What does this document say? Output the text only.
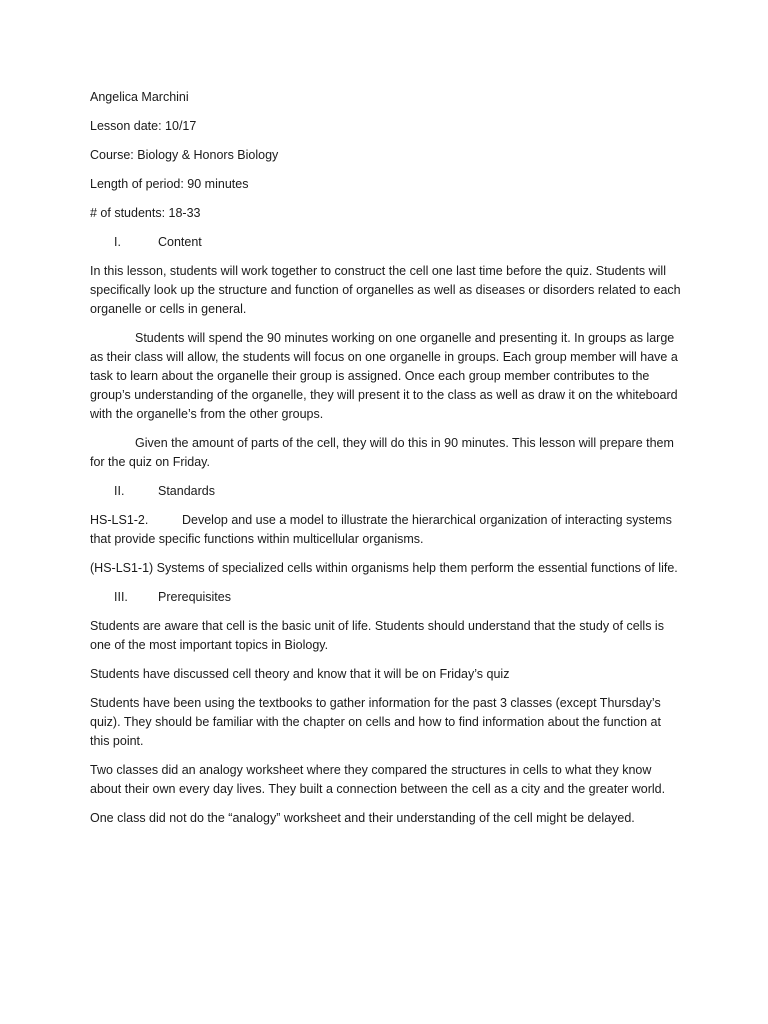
Angelica Marchini
Lesson date: 10/17
Course: Biology & Honors Biology
Length of period: 90 minutes
# of students: 18-33
I.	Content

In this lesson, students will work together to construct the cell one last time before the quiz. Students will specifically look up the structure and function of organelles as well as diseases or disorders related to each organelle or cells in general.

Students will spend the 90 minutes working on one organelle and presenting it. In groups as large as their class will allow, the students will focus on one organelle in groups. Each group member will have a task to learn about the organelle their group is assigned. Once each group member contributes to the group’s understanding of the organelle, they will present it to the class as well as draw it on the whiteboard with the organelle’s from the other groups.

Given the amount of parts of the cell, they will do this in 90 minutes. This lesson will prepare them for the quiz on Friday.

II.	Standards

HS-LS1-2.	Develop and use a model to illustrate the hierarchical organization of interacting systems that provide specific functions within multicellular organisms.

(HS-LS1-1) Systems of specialized cells within organisms help them perform the essential functions of life.

III. Prerequisites

Students are aware that cell is the basic unit of life. Students should understand that the study of cells is one of the most important topics in Biology.

Students have discussed cell theory and know that it will be on Friday’s quiz

Students have been using the textbooks to gather information for the past 3 classes (except Thursday’s quiz). They should be familiar with the chapter on cells and how to find information about the function at this point.

Two classes did an analogy worksheet where they compared the structures in cells to what they know about their own every day lives. They built a connection between the cell as a city and the greater world.

One class did not do the “analogy” worksheet and their understanding of the cell might be delayed.
